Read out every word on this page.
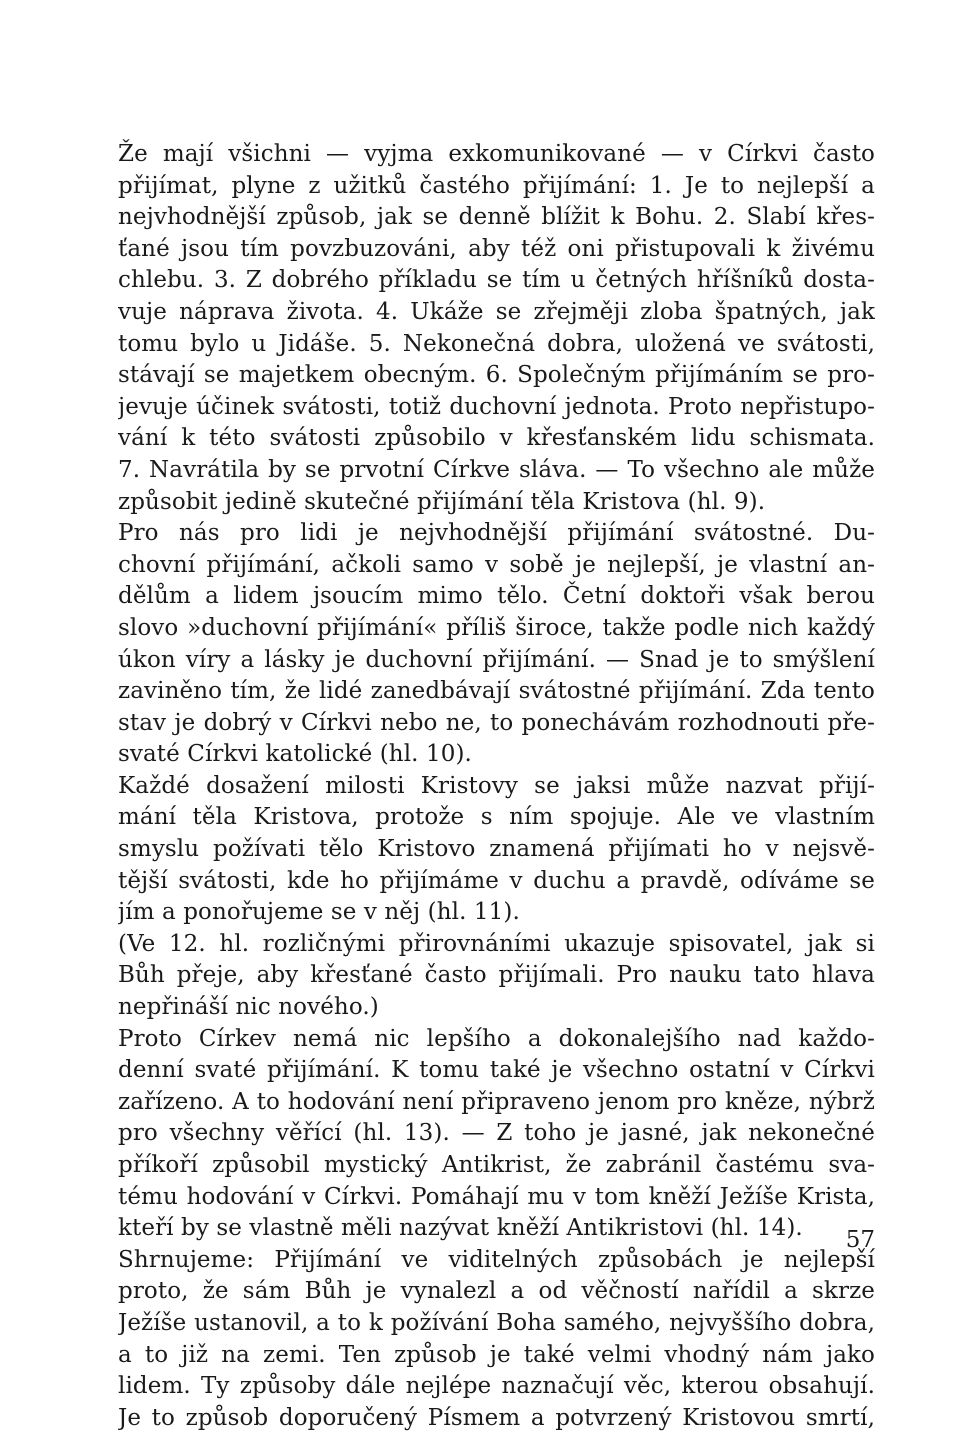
Že mají všichni — vyjma exkomunikované — v Církvi často
přijímat, plyne z užitků častého přijímání: 1. Je to nejlepší a
nejvhodnější způsob, jak se denně blížit k Bohu. 2. Slabí křes-
ťané jsou tím povzbuzováni, aby též oni přistupovali k živému
chlebu. 3. Z dobrého příkladu se tím u četných hříšníků dosta-
vuje náprava života. 4. Ukáže se zřejměji zloba špatných, jak
tomu bylo u Jidáše. 5. Nekonečná dobra, uložená ve svátosti,
stávají se majetkem obecným. 6. Společným přijímáním se pro-
jevuje účinek svátosti, totiž duchovní jednota. Proto nepřistupo-
vání k této svátosti způsobilo v křesťanském lidu schismata.
7. Navrátila by se prvotní Církve sláva. — To všechno ale může
způsobit jedině skutečné přijímání těla Kristova (hl. 9).
Pro nás pro lidi je nejvhodnější přijímání svátostné. Du-
chovní přijímání, ačkoli samo v sobě je nejlepší, je vlastní an-
dělům a lidem jsoucím mimo tělo. Četní doktoři však berou
slovo »duchovní přijímání« příliš široce, takže podle nich každý
úkon víry a lásky je duchovní přijímání. — Snad je to smýšlení
zaviněno tím, že lidé zanedbávají svátostné přijímání. Zda tento
stav je dobrý v Církvi nebo ne, to ponechávám rozhodnouti pře-
svaté Církvi katolické (hl. 10).
Každé dosažení milosti Kristovy se jaksi může nazvat přijí-
mání těla Kristova, protože s ním spojuje. Ale ve vlastním
smyslu požívati tělo Kristovo znamená přijímati ho v nejsvě-
tější svátosti, kde ho přijímáme v duchu a pravdě, odíváme se
jím a ponořujeme se v něj (hl. 11).
(Ve 12. hl. rozličnými přirovnáními ukazuje spisovatel, jak si
Bůh přeje, aby křesťané často přijímali. Pro nauku tato hlava
nepřináší nic nového.)
Proto Církev nemá nic lepšího a dokonalejšího nad každo-
denní svaté přijímání. K tomu také je všechno ostatní v Církvi
zařízeno. A to hodování není připraveno jenom pro kněze, nýbrž
pro všechny věřící (hl. 13). — Z toho je jasné, jak nekonečné
příkoří způsobil mystický Antikrist, že zabránil častému sva-
tému hodování v Církvi. Pomáhají mu v tom kněží Ježíše Krista,
kteří by se vlastně měli nazývat kněží Antikristovi (hl. 14).
Shrnujeme: Přijímání ve viditelných způsobách je nejlepší
proto, že sám Bůh je vynalezl a od věčností nařídil a skrze
Ježíše ustanovil, a to k požívání Boha samého, nejvyššího dobra,
a to již na zemi. Ten způsob je také velmi vhodný nám jako
lidem. Ty způsoby dále nejlépe naznačují věc, kterou obsahují.
Je to způsob doporučený Písmem a potvrzený Kristovou smrtí,
57
